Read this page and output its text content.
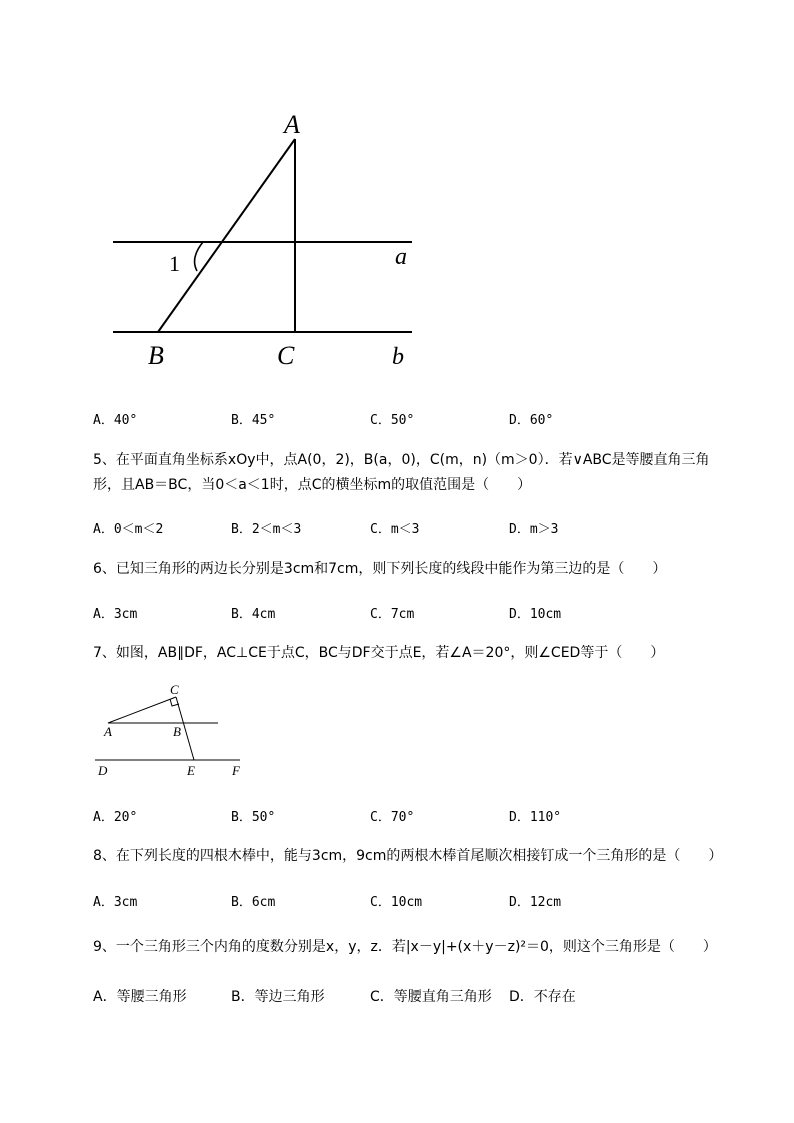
A
1	a
B	C	b
A．40°	B．45°	C．50°	D．60°
5、在平面直角坐标系xOy中，点A(0，2)，B(a，0)，C(m，n)（m＞0）．若∨ABC是等腰直角三角
形，且AB＝BC，当0＜a＜1时，点C的横坐标m的取值范围是（　　）
A．0＜m＜2	B．2＜m＜3	C．m＜3	D．m＞3
6、已知三角形的两边长分别是3cm和7cm，则下列长度的线段中能作为第三边的是（　　）
A．3cm	B．4cm	C．7cm	D．10cm
7、如图，AB∥DF，AC⊥CE于点C，BC与DF交于点E，若∠A＝20°，则∠CED等于（　　）
C
A	B
D	E	F
A．20°	B．50°	C．70°	D．110°
8、在下列长度的四根木棒中，能与3cm，9cm的两根木棒首尾顺次相接钉成一个三角形的是（　　）
A．3cm	B．6cm	C．10cm	D．12cm
9、一个三角形三个内角的度数分别是x，y，z．若|x－y|+(x＋y－z)²＝0，则这个三角形是（　　）
A．等腰三角形	B．等边三角形	C．等腰直角三角形 D．不存在
